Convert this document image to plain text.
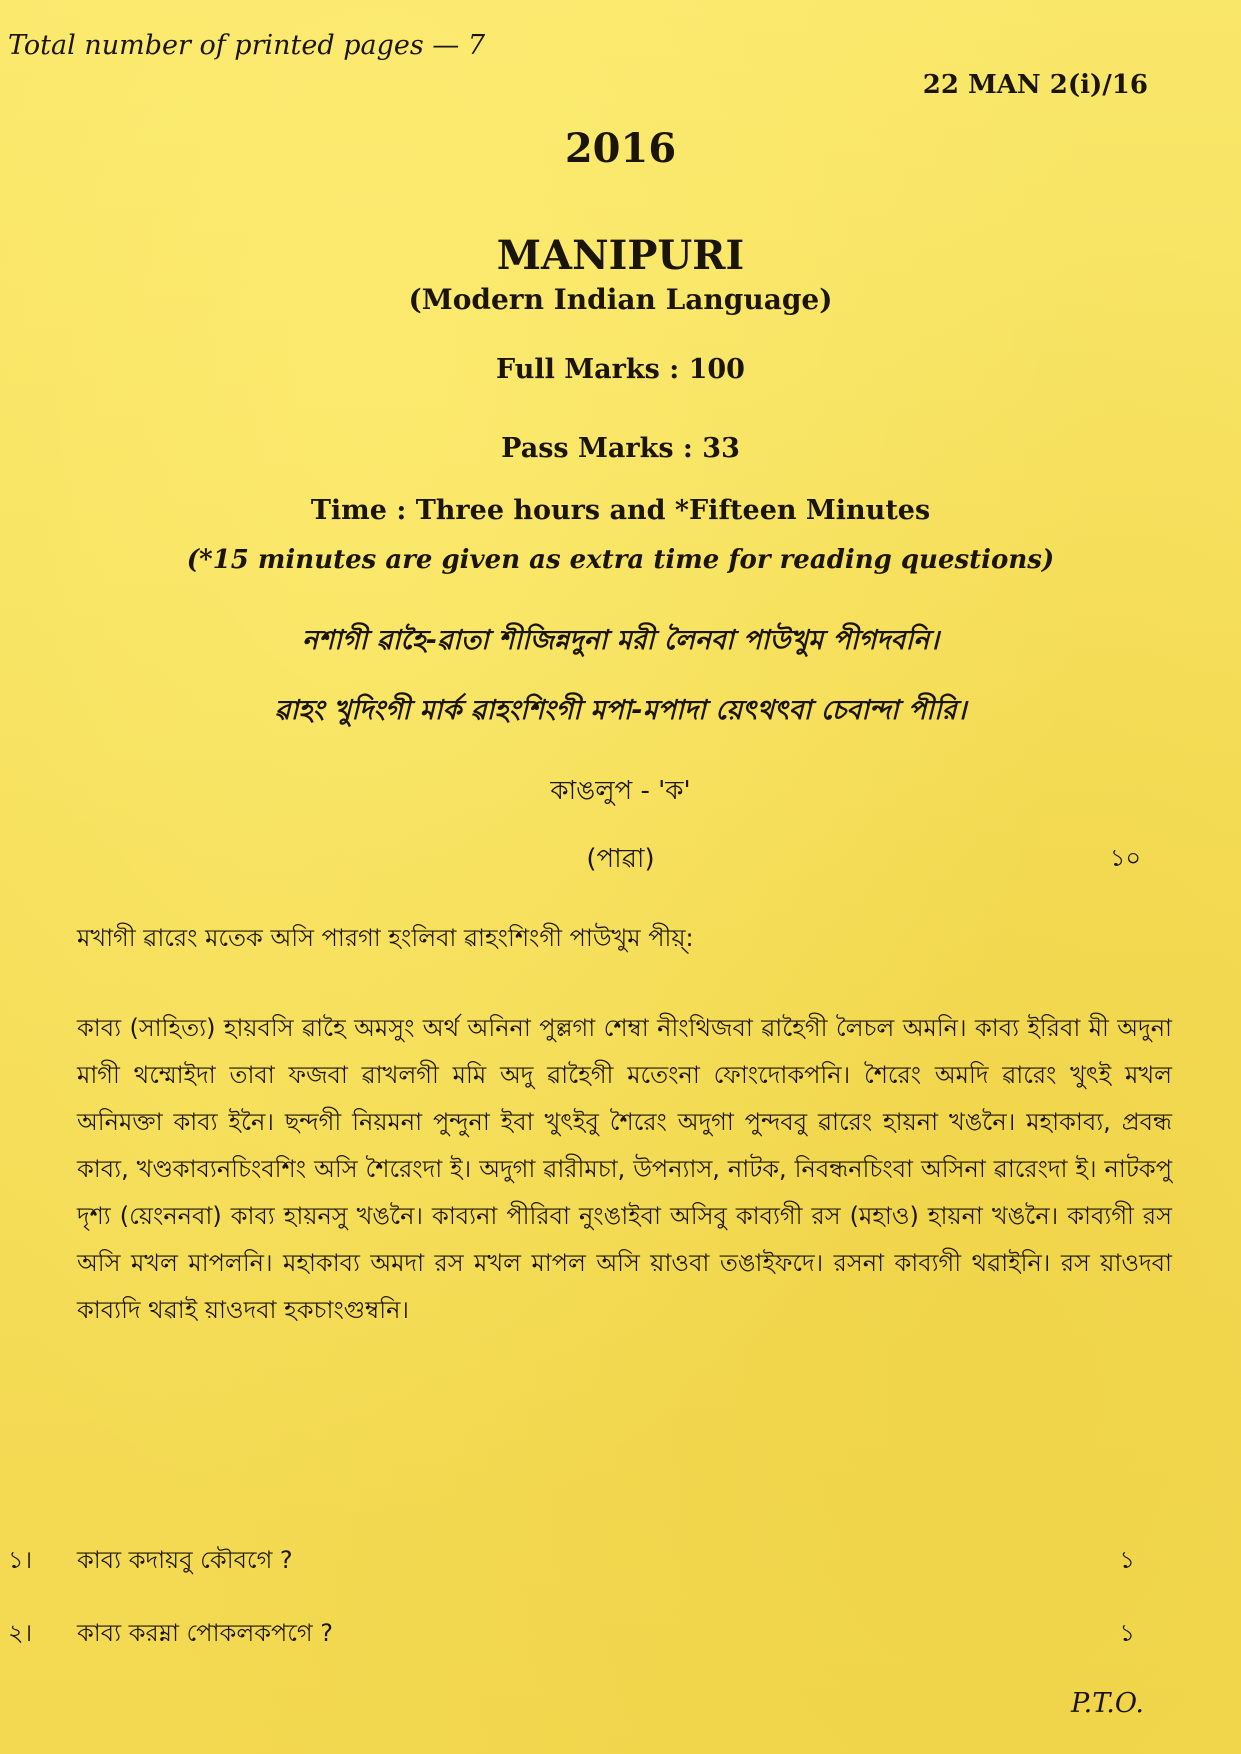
Total number of printed pages — 7
22 MAN 2(i)/16
2016
MANIPURI
(Modern Indian Language)
Full Marks : 100
Pass Marks : 33
Time : Three hours and *Fifteen Minutes
(*15 minutes are given as extra time for reading questions)
নশাগী ৱাহৈ-ৱাতা শীজিন্নদুনা মরী লৈনবা পাউখুম পীগদবনি।
ৱাহং খুদিংগী মার্ক ৱাহংশিংগী মপা-মপাদা য়েৎথৎবা চেবান্দা পীরি।
কাঙলুপ - 'ক'
(পাৱা)	১০
মখাগী ৱারেং মতেক অসি পারগা হংলিবা ৱাহংশিংগী পাউখুম পীয়্:
কাব্য (সাহিত্য) হায়বসি ৱাহৈ অমসুং অর্থ অনিনা পুল্লগা শেম্বা নীংথিজবা ৱাহৈগী লৈচল অমনি। কাব্য ইরিবা মী অদুনা মাগী থম্মোইদা তাবা ফজবা ৱাখলগী মমি অদু ৱাহৈগী মতেংনা ফোংদোকপনি। শৈরেং অমদি ৱারেং খুৎই মখল অনিমক্তা কাব্য ইনৈ। ছন্দগী নিয়মনা পুন্দুনা ইবা খুৎইবু শৈরেং অদুগা পুন্দববু ৱারেং হায়না খঙনৈ। মহাকাব্য, প্রবন্ধ কাব্য, খণ্ডকাব্যনচিংবশিং অসি শৈরেংদা ই। অদুগা ৱারীমচা, উপন্যাস, নাটক, নিবন্ধনচিংবা অসিনা ৱারেংদা ই। নাটকপু দৃশ্য (য়েংননবা) কাব্য হায়নসু খঙনৈ। কাব্যনা পীরিবা নুংঙাইবা অসিবু কাব্যগী রস (মহাও) হায়না খঙনৈ। কাব্যগী রস অসি মখল মাপলনি। মহাকাব্য অমদা রস মখল মাপল অসি য়াওবা তঙাইফদে। রসনা কাব্যগী থৱাইনি। রস য়াওদবা কাব্যদি থৱাই য়াওদবা হকচাংগুম্বনি।
১। কাব্য কদায়বু কৌবগে ?	১
২। কাব্য করম্না পোকলকপগে ?	১
P.T.O.
